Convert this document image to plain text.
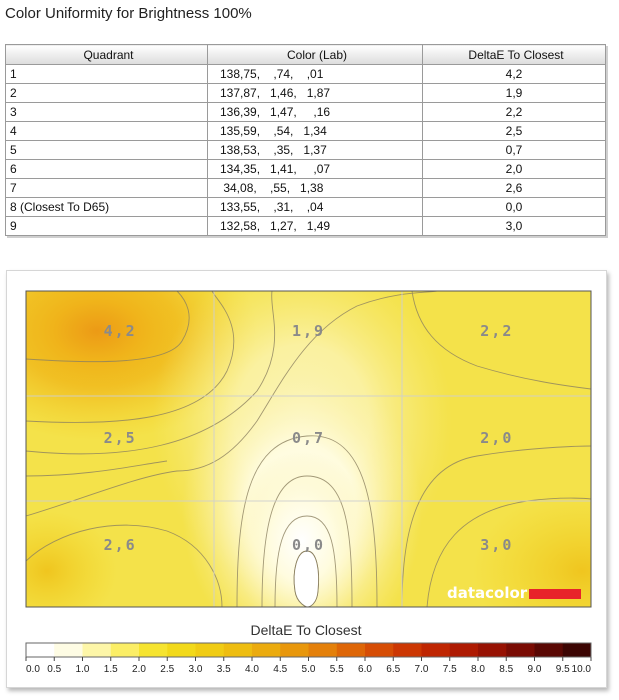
Color Uniformity for Brightness 100%
Quadrant	Color (Lab)	DeltaE To Closest
1	138,75,    ,74,    ,01	4,2
2	137,87,   1,46,   1,87	1,9
3	136,39,   1,47,     ,16	2,2
4	135,59,    ,54,   1,34	2,5
5	138,53,    ,35,   1,37	0,7
6	134,35,   1,41,     ,07	2,0
7	34,08,    ,55,   1,38	2,6
8 (Closest To D65)	133,55,    ,31,    ,04	0,0
9	132,58,   1,27,   1,49	3,0
4,2	1,9	2,2
2,5	0,7	2,0
2,6	0,0	3,0
datacolor
DeltaE To Closest
0.0 0.5 1.0 1.5 2.0 2.5 3.0 3.5 4.0 4.5 5.0 5.5 6.0 6.5 7.0 7.5 8.0 8.5 9.0 9.5 10.0
